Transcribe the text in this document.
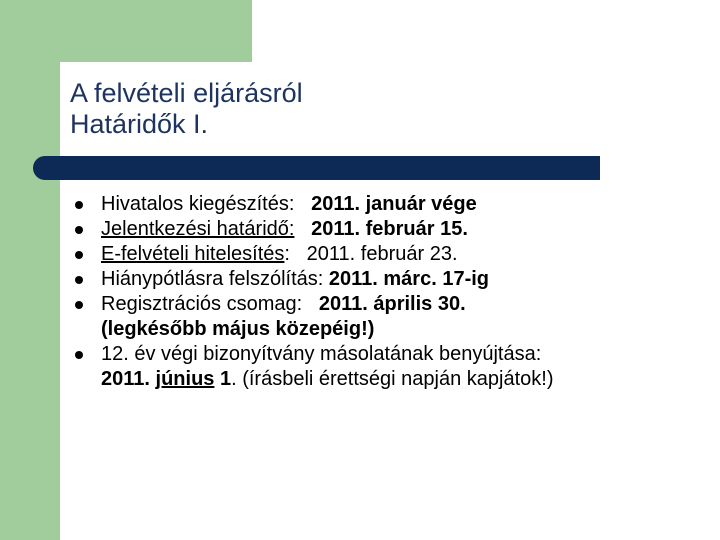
A felvételi eljárásról
Határidők I.
Hivatalos kiegészítés: 2011. január vége
Jelentkezési határidő: 2011. február 15.
E-felvételi hitelesítés: 2011. február 23.
Hiánypótlásra felszólítás: 2011. márc. 17-ig
Regisztrációs csomag: 2011. április 30.
(legkésőbb május közepéig!)
12. év végi bizonyítvány másolatának benyújtása:
2011. június 1. (írásbeli érettségi napján kapjátok!)
